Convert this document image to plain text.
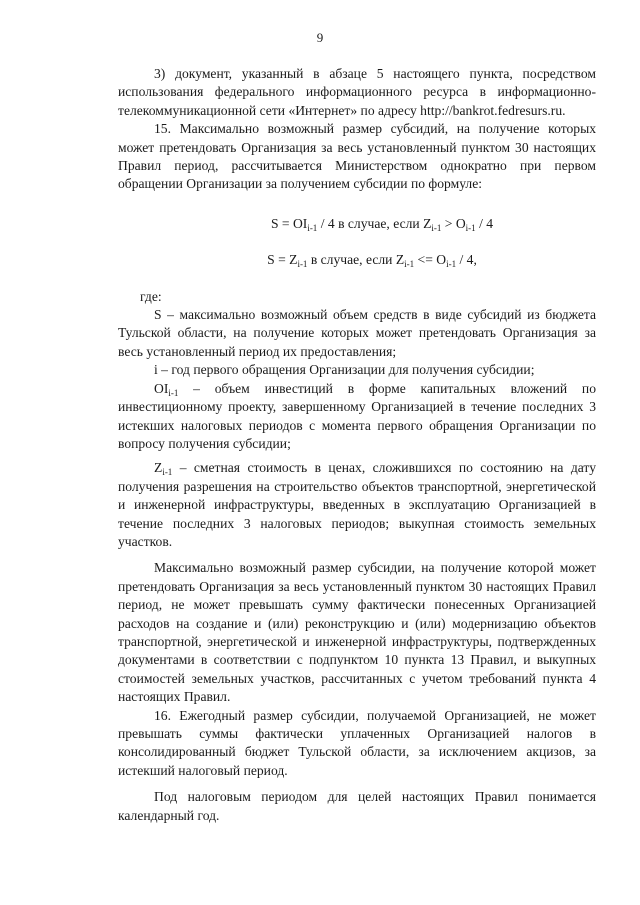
9

3) документ, указанный в абзаце 5 настоящего пункта, посредством использования федерального информационного ресурса в информационно-телекоммуникационной сети «Интернет» по адресу http://bankrot.fedresurs.ru.

15. Максимально возможный размер субсидий, на получение которых может претендовать Организация за весь установленный пунктом 30 настоящих Правил период, рассчитывается Министерством однократно при первом обращении Организации за получением субсидии по формуле:

$S = OI_{i-1} / 4$ в случае, если $Z_{i-1} > O_{i-1} / 4$

$S = Z_{i-1}$ в случае, если $Z_{i-1} <= O_{i-1} / 4$,

где:

S – максимально возможный объем средств в виде субсидий из бюджета Тульской области, на получение которых может претендовать Организация за весь установленный период их предоставления;

i – год первого обращения Организации для получения субсидии;

$OI_{i-1}$ – объем инвестиций в форме капитальных вложений по инвестиционному проекту, завершенному Организацией в течение последних 3 истекших налоговых периодов с момента первого обращения Организации по вопросу получения субсидии;

$Z_{i-1}$ – сметная стоимость в ценах, сложившихся по состоянию на дату получения разрешения на строительство объектов транспортной, энергетической и инженерной инфраструктуры, введенных в эксплуатацию Организацией в течение последних 3 налоговых периодов; выкупная стоимость земельных участков.

Максимально возможный размер субсидии, на получение которой может претендовать Организация за весь установленный пунктом 30 настоящих Правил период, не может превышать сумму фактически понесенных Организацией расходов на создание и (или) реконструкцию и (или) модернизацию объектов транспортной, энергетической и инженерной инфраструктуры, подтвержденных документами в соответствии с подпунктом 10 пункта 13 Правил, и выкупных стоимостей земельных участков, рассчитанных с учетом требований пункта 4 настоящих Правил.

16. Ежегодный размер субсидии, получаемой Организацией, не может превышать суммы фактически уплаченных Организацией налогов в консолидированный бюджет Тульской области, за исключением акцизов, за истекший налоговый период.

Под налоговым периодом для целей настоящих Правил понимается календарный год.
